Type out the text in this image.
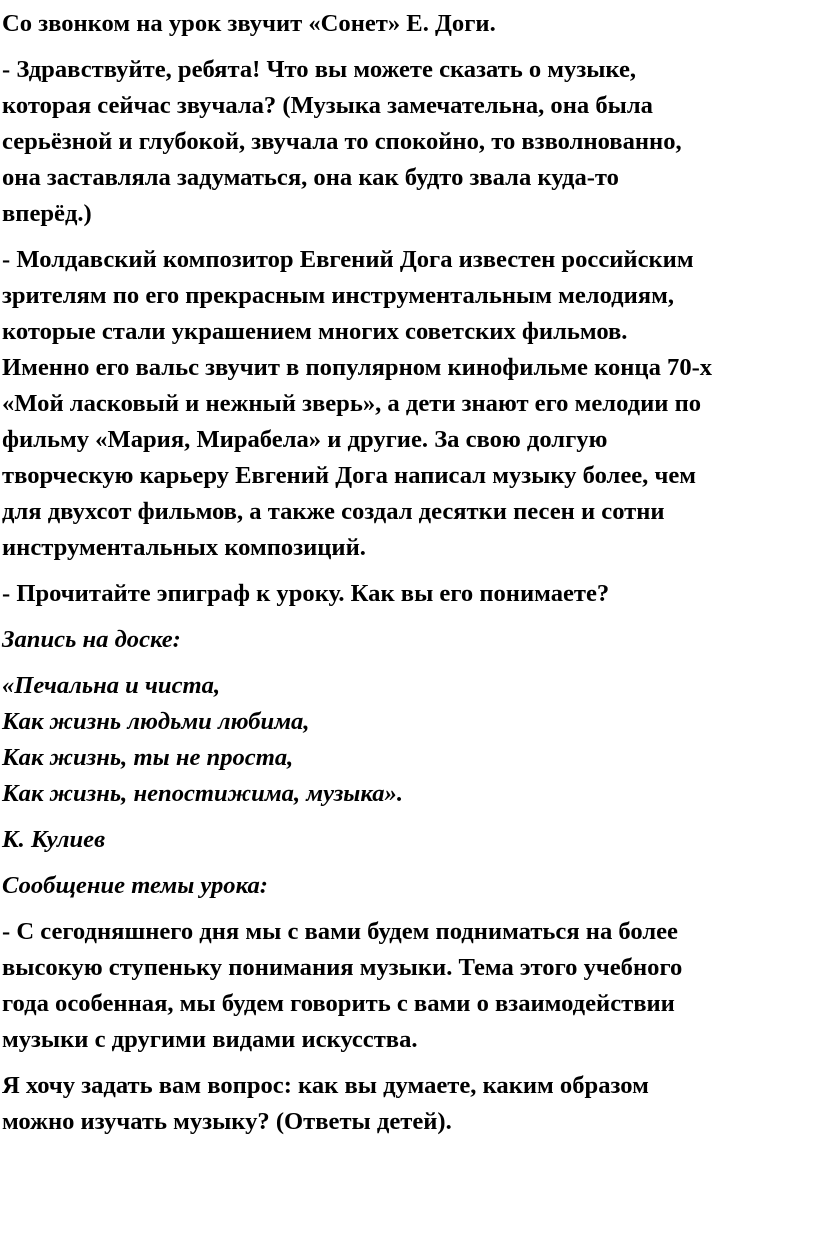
Со звонком на урок звучит «Сонет» Е. Доги.

- Здравствуйте, ребята! Что вы можете сказать о музыке,

которая сейчас звучала? (Музыка замечательна, она была

серьёзной и глубокой, звучала то спокойно, то взволнованно,

она заставляла задуматься, она как будто звала куда-то

вперёд.)

- Молдавский композитор Евгений Дога известен российским

зрителям по его прекрасным инструментальным мелодиям,

которые стали украшением многих советских фильмов.

Именно его вальс звучит в популярном кинофильме конца 70-х

«Мой ласковый и нежный зверь», а дети знают его мелодии по

фильму «Мария, Мирабела» и другие. За свою долгую

творческую карьеру Евгений Дога написал музыку более, чем

для двухсот фильмов, а также создал десятки песен и сотни

инструментальных композиций.

- Прочитайте эпиграф к уроку. Как вы его понимаете?

Запись на доске:

«Печальна и чиста,

Как жизнь людьми любима,

Как жизнь, ты не проста,

Как жизнь, непостижима, музыка».

К. Кулиев

Сообщение темы урока:

- С сегодняшнего дня мы с вами будем подниматься на более

высокую ступеньку понимания музыки. Тема этого учебного

года особенная, мы будем говорить с вами о взаимодействии

музыки с другими видами искусства.

Я хочу задать вам вопрос: как вы думаете, каким образом

можно изучать музыку? (Ответы детей).
